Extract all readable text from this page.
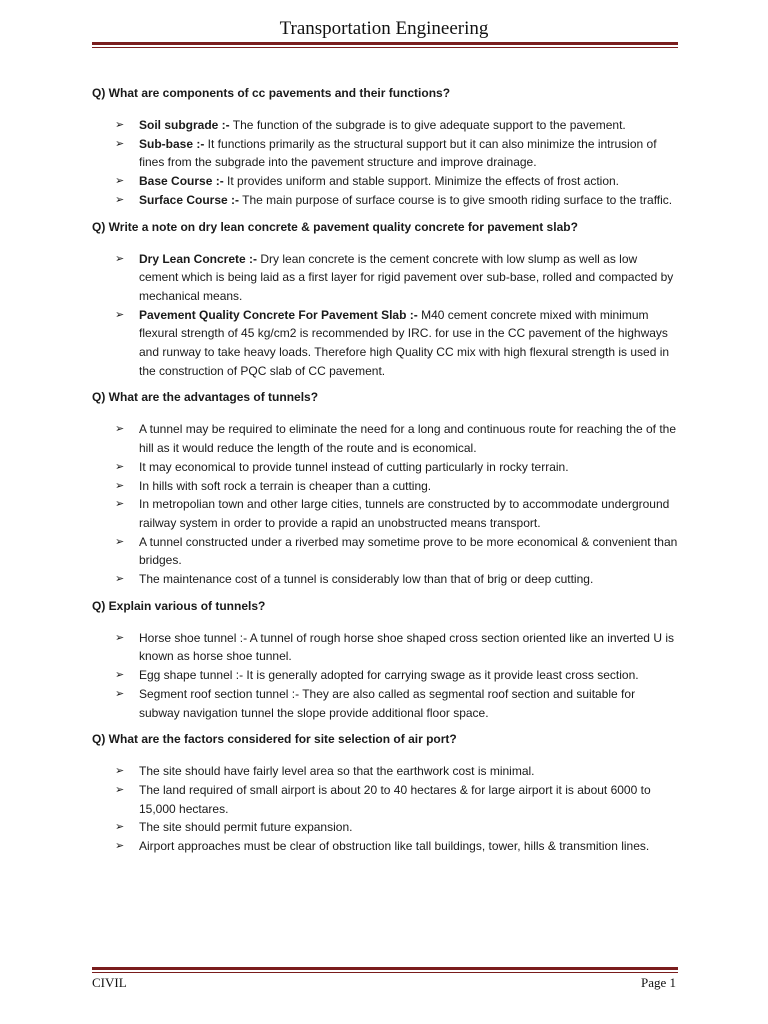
Transportation Engineering
Q) What are components of cc pavements and their functions?
➢ Soil subgrade :- The function of the subgrade is to give adequate support to the pavement.
➢ Sub-base :- It functions primarily as the structural support but it can also minimize the intrusion of fines from the subgrade into the pavement structure and improve drainage.
➢ Base Course :- It provides uniform and stable support. Minimize the effects of frost action.
➢ Surface Course :- The main purpose of surface course is to give smooth riding surface to the traffic.
Q) Write a note on dry lean concrete & pavement quality concrete for pavement slab?
➢ Dry Lean Concrete :- Dry lean concrete is the cement concrete with low slump as well as low cement which is being laid as a first layer for rigid pavement over sub-base, rolled and compacted by mechanical means.
➢ Pavement Quality Concrete For Pavement Slab :- M40 cement concrete mixed with minimum flexural strength of 45 kg/cm2 is recommended by IRC. for use in the CC pavement of the highways and runway to take heavy loads. Therefore high Quality CC mix with high flexural strength is used in the construction of PQC slab of CC pavement.
Q) What are the advantages of tunnels?
➢ A tunnel may be required to eliminate the need for a long and continuous route for reaching the of the hill as it would reduce the length of the route and is economical.
➢ It may economical to provide tunnel instead of cutting particularly in rocky terrain.
➢ In hills with soft rock a terrain is cheaper than a cutting.
➢ In metropolian town and other large cities, tunnels are constructed by to accommodate underground railway system in order to provide a rapid an unobstructed means transport.
➢ A tunnel constructed under a riverbed may sometime prove to be more economical & convenient than bridges.
➢ The maintenance cost of a tunnel is considerably low than that of brig or deep cutting.
Q) Explain various of tunnels?
➢ Horse shoe tunnel :- A tunnel of rough horse shoe shaped cross section oriented like an inverted U is known as horse shoe tunnel.
➢ Egg shape tunnel :- It is generally adopted for carrying swage as it provide least cross section.
➢ Segment roof section tunnel :- They are also called as segmental roof section and suitable for subway navigation tunnel the slope provide additional floor space.
Q) What are the factors considered for site selection of air port?
➢ The site should have fairly level area so that the earthwork cost is minimal.
➢ The land required of small airport is about 20 to 40 hectares & for large airport it is about 6000 to 15,000 hectares.
➢ The site should permit future expansion.
➢ Airport approaches must be clear of obstruction like tall buildings, tower, hills & transmition lines.
CIVIL	Page 1
